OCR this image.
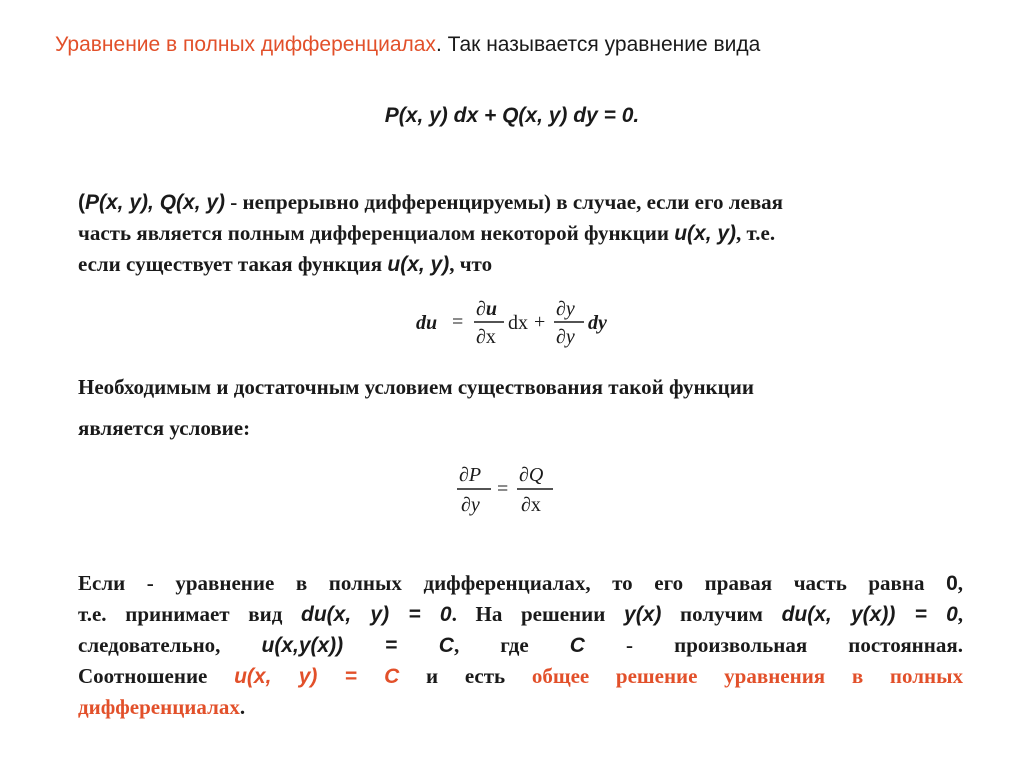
Уравнение в полных дифференциалах. Так называется уравнение вида
P(x, y) dx + Q(x, y) dy = 0.
(P(x, y), Q(x, y) - непрерывно дифференцируемы) в случае, если его левая
часть является полным дифференциалом некоторой функции u(x, y), т.е.
если существует такая функция u(x, y), что
du =
∂u
∂x
dx +
∂y
∂y
dy
Необходимым и достаточным условием существования такой функции
является условие:
∂P
∂y
=
∂Q
∂x
Если - уравнение в полных дифференциалах, то его правая часть равна 0,
т.е. принимает вид du(x, y) = 0. На решении y(x) получим du(x, y(x)) = 0,
следовательно, u(x,y(x)) = C, где C - произвольная постоянная.
Соотношение u(x, y) = C и есть общее решение уравнения в полных
дифференциалах.
